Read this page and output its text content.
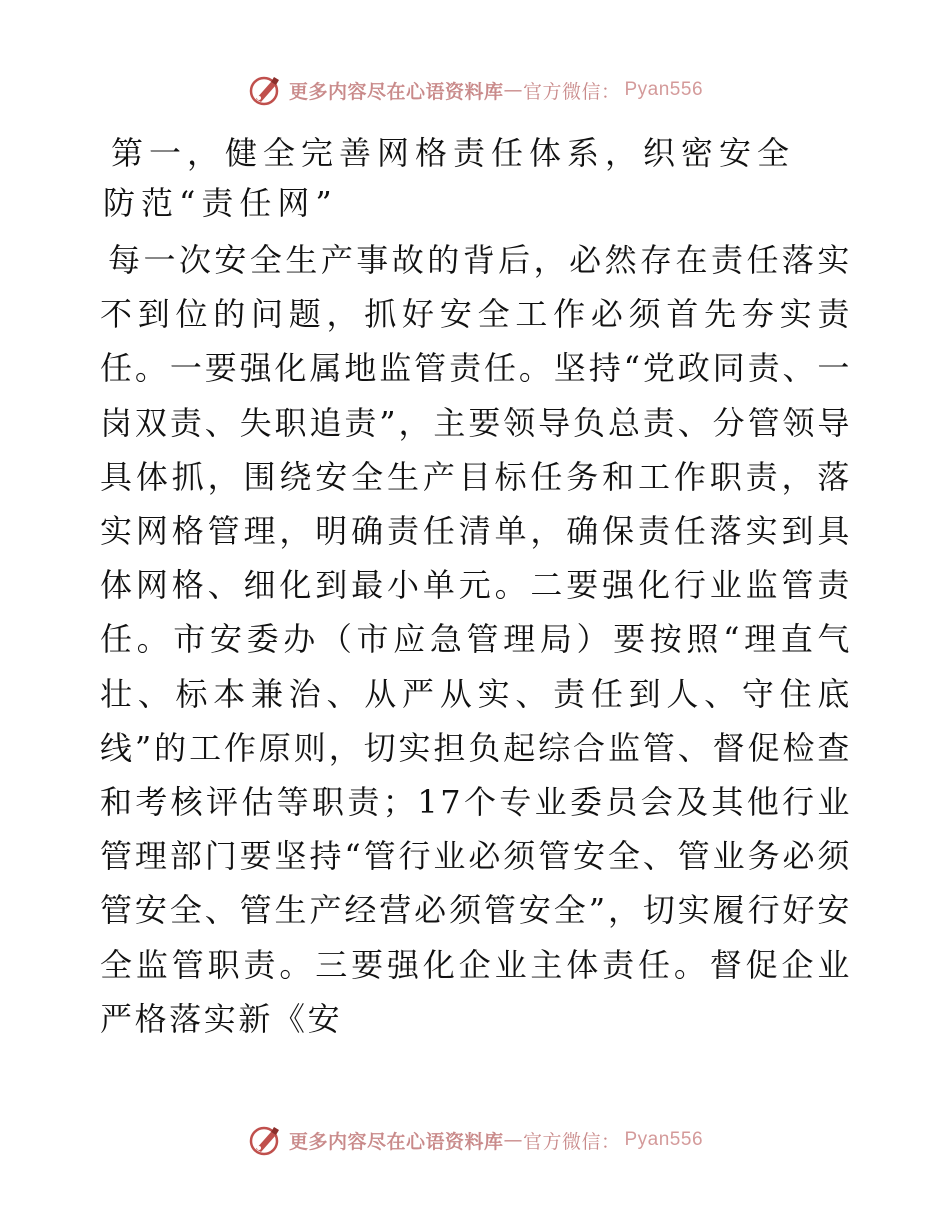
更多内容尽在心语资料库 — 官方微信： Pyan556
第一，健全完善网格责任体系，织密安全防范“责任网”

每一次安全生产事故的背后，必然存在责任落实不到位的问题，抓好安全工作必须首先夯实责任。一要强化属地监管责任。坚持“党政同责、一岗双责、失职追责”，主要领导负总责、分管领导具体抓，围绕安全生产目标任务和工作职责，落实网格管理，明确责任清单，确保责任落实到具体网格、细化到最小单元。二要强化行业监管责任。市安委办（市应急管理局）要按照“理直气壮、标本兼治、从严从实、责任到人、守住底线”的工作原则，切实担负起综合监管、督促检查和考核评估等职责；17个专业委员会及其他行业管理部门要坚持“管行业必须管安全、管业务必须管安全、管生产经营必须管安全”，切实履行好安全监管职责。三要强化企业主体责任。督促企业严格落实新《安

更多内容尽在心语资料库 — 官方微信： Pyan556
